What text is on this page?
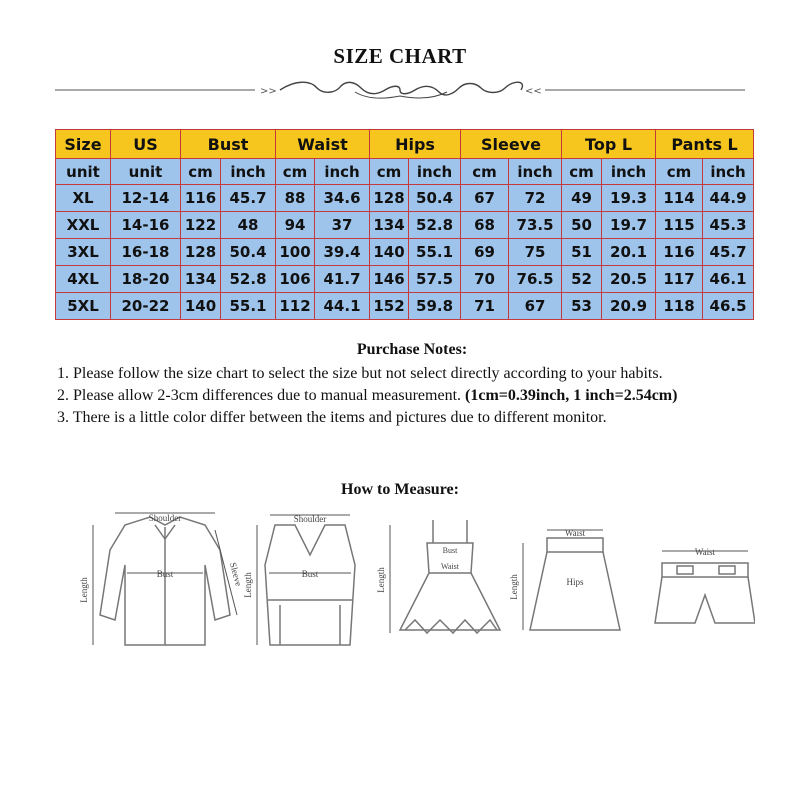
SIZE CHART
>>	<<
Size	US	Bust		Waist		Hips		Sleeve		Top L		Pants L	
unit	unit	cm	inch	cm	inch	cm	inch	cm	inch	cm	inch	cm	inch
XL	12-14	116	45.7	88	34.6	128	50.4	67	72	49	19.3	114	44.9
XXL	14-16	122	48	94	37	134	52.8	68	73.5	50	19.7	115	45.3
3XL	16-18	128	50.4	100	39.4	140	55.1	69	75	51	20.1	116	45.7
4XL	18-20	134	52.8	106	41.7	146	57.5	70	76.5	52	20.5	117	46.1
5XL	20-22	140	55.1	112	44.1	152	59.8	71	67	53	20.9	118	46.5
Purchase Notes:

1. Please follow the size chart to select the size but not select directly according to your habits.

2. Please allow 2-3cm differences due to manual measurement. (1cm=0.39inch, 1 inch=2.54cm)

3. There is a little color differ between the items and pictures due to different monitor.

How to Measure:
Shoulder
Bust
Length
Sleeve
Shoulder
Bust
Length
Bust
Waist
Length
Waist
Hips
Length
Waist
